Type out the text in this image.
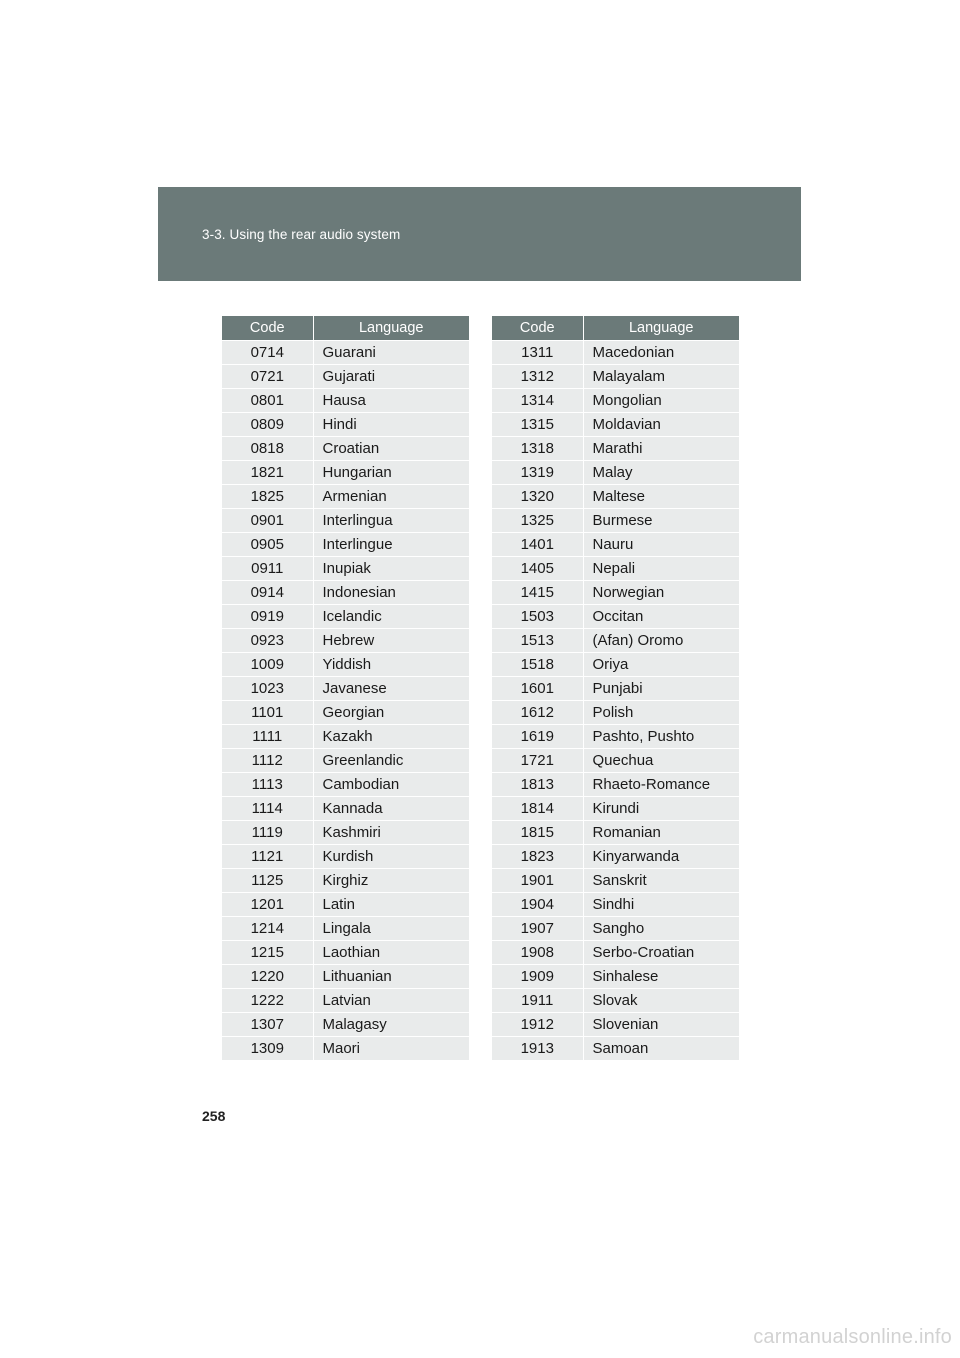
3-3. Using the rear audio system
Code	Language
0714	Guarani
0721	Gujarati
0801	Hausa
0809	Hindi
0818	Croatian
1821	Hungarian
1825	Armenian
0901	Interlingua
0905	Interlingue
0911	Inupiak
0914	Indonesian
0919	Icelandic
0923	Hebrew
1009	Yiddish
1023	Javanese
1101	Georgian
1111	Kazakh
1112	Greenlandic
1113	Cambodian
1114	Kannada
1119	Kashmiri
1121	Kurdish
1125	Kirghiz
1201	Latin
1214	Lingala
1215	Laothian
1220	Lithuanian
1222	Latvian
1307	Malagasy
1309	Maori
Code	Language
1311	Macedonian
1312	Malayalam
1314	Mongolian
1315	Moldavian
1318	Marathi
1319	Malay
1320	Maltese
1325	Burmese
1401	Nauru
1405	Nepali
1415	Norwegian
1503	Occitan
1513	(Afan) Oromo
1518	Oriya
1601	Punjabi
1612	Polish
1619	Pashto, Pushto
1721	Quechua
1813	Rhaeto-Romance
1814	Kirundi
1815	Romanian
1823	Kinyarwanda
1901	Sanskrit
1904	Sindhi
1907	Sangho
1908	Serbo-Croatian
1909	Sinhalese
1911	Slovak
1912	Slovenian
1913	Samoan
258
carmanualsonline.info
